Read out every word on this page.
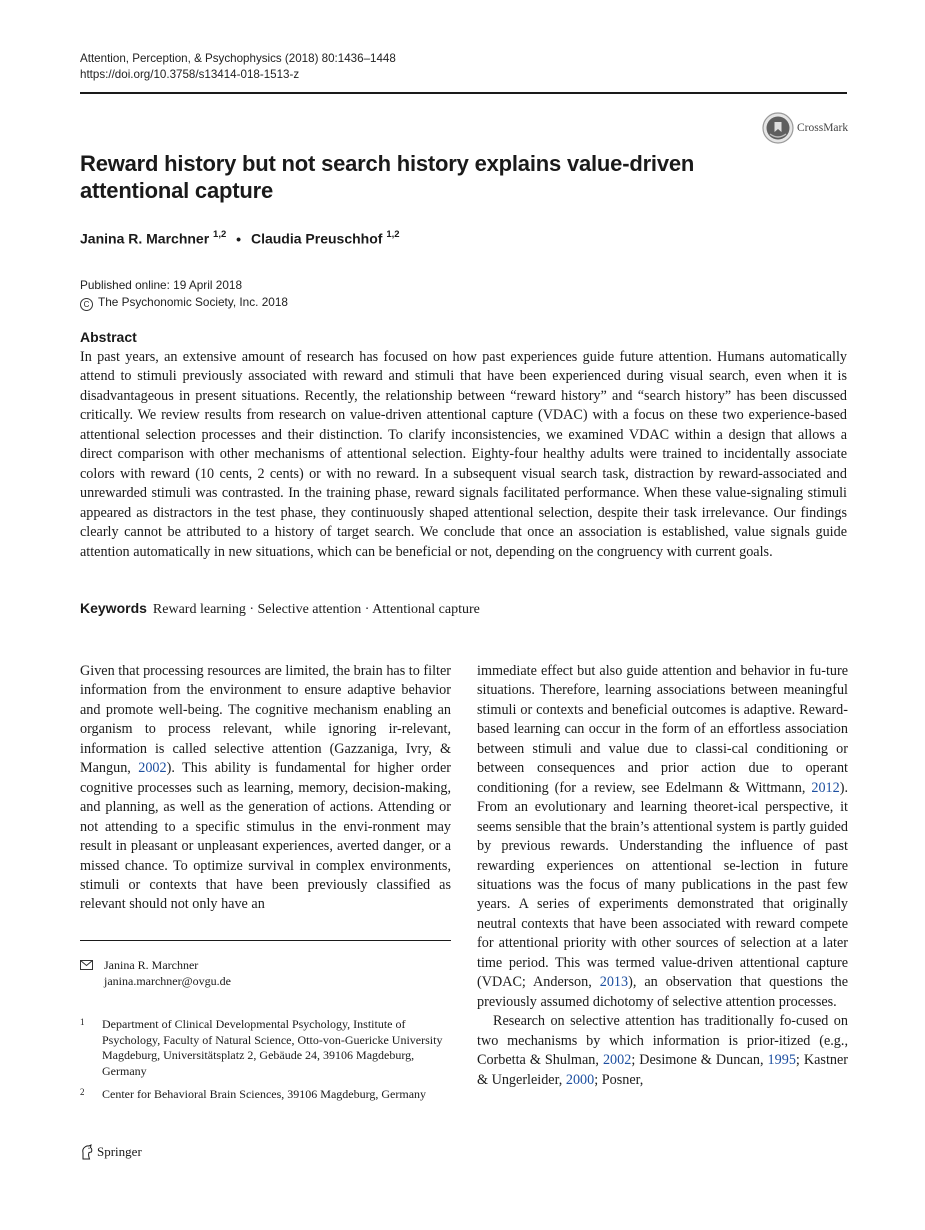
Attention, Perception, & Psychophysics (2018) 80:1436–1448
https://doi.org/10.3758/s13414-018-1513-z
CrossMark
Reward history but not search history explains value-driven attentional capture
Janina R. Marchner $^{1,2}$ • Claudia Preuschhof $^{1,2}$
Published online: 19 April 2018
C The Psychonomic Society, Inc. 2018
Abstract
In past years, an extensive amount of research has focused on how past experiences guide future attention. Humans automatically attend to stimuli previously associated with reward and stimuli that have been experienced during visual search, even when it is disadvantageous in present situations. Recently, the relationship between “reward history” and “search history” has been discussed critically. We review results from research on value-driven attentional capture (VDAC) with a focus on these two experience-based attentional selection processes and their distinction. To clarify inconsistencies, we examined VDAC within a design that allows a direct comparison with other mechanisms of attentional selection. Eighty-four healthy adults were trained to incidentally associate colors with reward (10 cents, 2 cents) or with no reward. In a subsequent visual search task, distraction by reward-associated and unrewarded stimuli was contrasted. In the training phase, reward signals facilitated performance. When these value-signaling stimuli appeared as distractors in the test phase, they continuously shaped attentional selection, despite their task irrelevance. Our findings clearly cannot be attributed to a history of target search. We conclude that once an association is established, value signals guide attention automatically in new situations, which can be beneficial or not, depending on the congruency with current goals.
Keywords Reward learning · Selective attention · Attentional capture

Given that processing resources are limited, the brain has to filter information from the environment to ensure adaptive behavior and promote well-being. The cognitive mechanism enabling an organism to process relevant, while ignoring ir-relevant, information is called selective attention (Gazzaniga, Ivry, & Mangun, 2002). This ability is fundamental for higher order cognitive processes such as learning, memory, decision-making, and planning, as well as the generation of actions. Attending or not attending to a specific stimulus in the envi-ronment may result in pleasant or unpleasant experiences, averted danger, or a missed chance. To optimize survival in complex environments, stimuli or contexts that have been previously classified as relevant should not only have an

immediate effect but also guide attention and behavior in fu-ture situations. Therefore, learning associations between meaningful stimuli or contexts and beneficial outcomes is adaptive. Reward-based learning can occur in the form of an effortless association between stimuli and value due to classi-cal conditioning or between consequences and prior action due to operant conditioning (for a review, see Edelmann & Wittmann, 2012). From an evolutionary and learning theoret-ical perspective, it seems sensible that the brain’s attentional system is partly guided by previous rewards. Understanding the influence of past rewarding experiences on attentional se-lection in future situations was the focus of many publications in the past few years. A series of experiments demonstrated that originally neutral contexts that have been associated with reward compete for attentional priority with other sources of selection at a later time period. This was termed value-driven attentional capture (VDAC; Anderson, 2013), an observation that questions the previously assumed dichotomy of selective attention processes.

Research on selective attention has traditionally fo-cused on two mechanisms by which information is prior-itized (e.g., Corbetta & Shulman, 2002; Desimone & Duncan, 1995; Kastner & Ungerleider, 2000; Posner,

Janina R. Marchner
janina.marchner@ovgu.de
1 Department of Clinical Developmental Psychology, Institute of Psychology, Faculty of Natural Science, Otto-von-Guericke University Magdeburg, Universitätsplatz 2, Gebäude 24, 39106 Magdeburg, Germany
2 Center for Behavioral Brain Sciences, 39106 Magdeburg, Germany
Springer
